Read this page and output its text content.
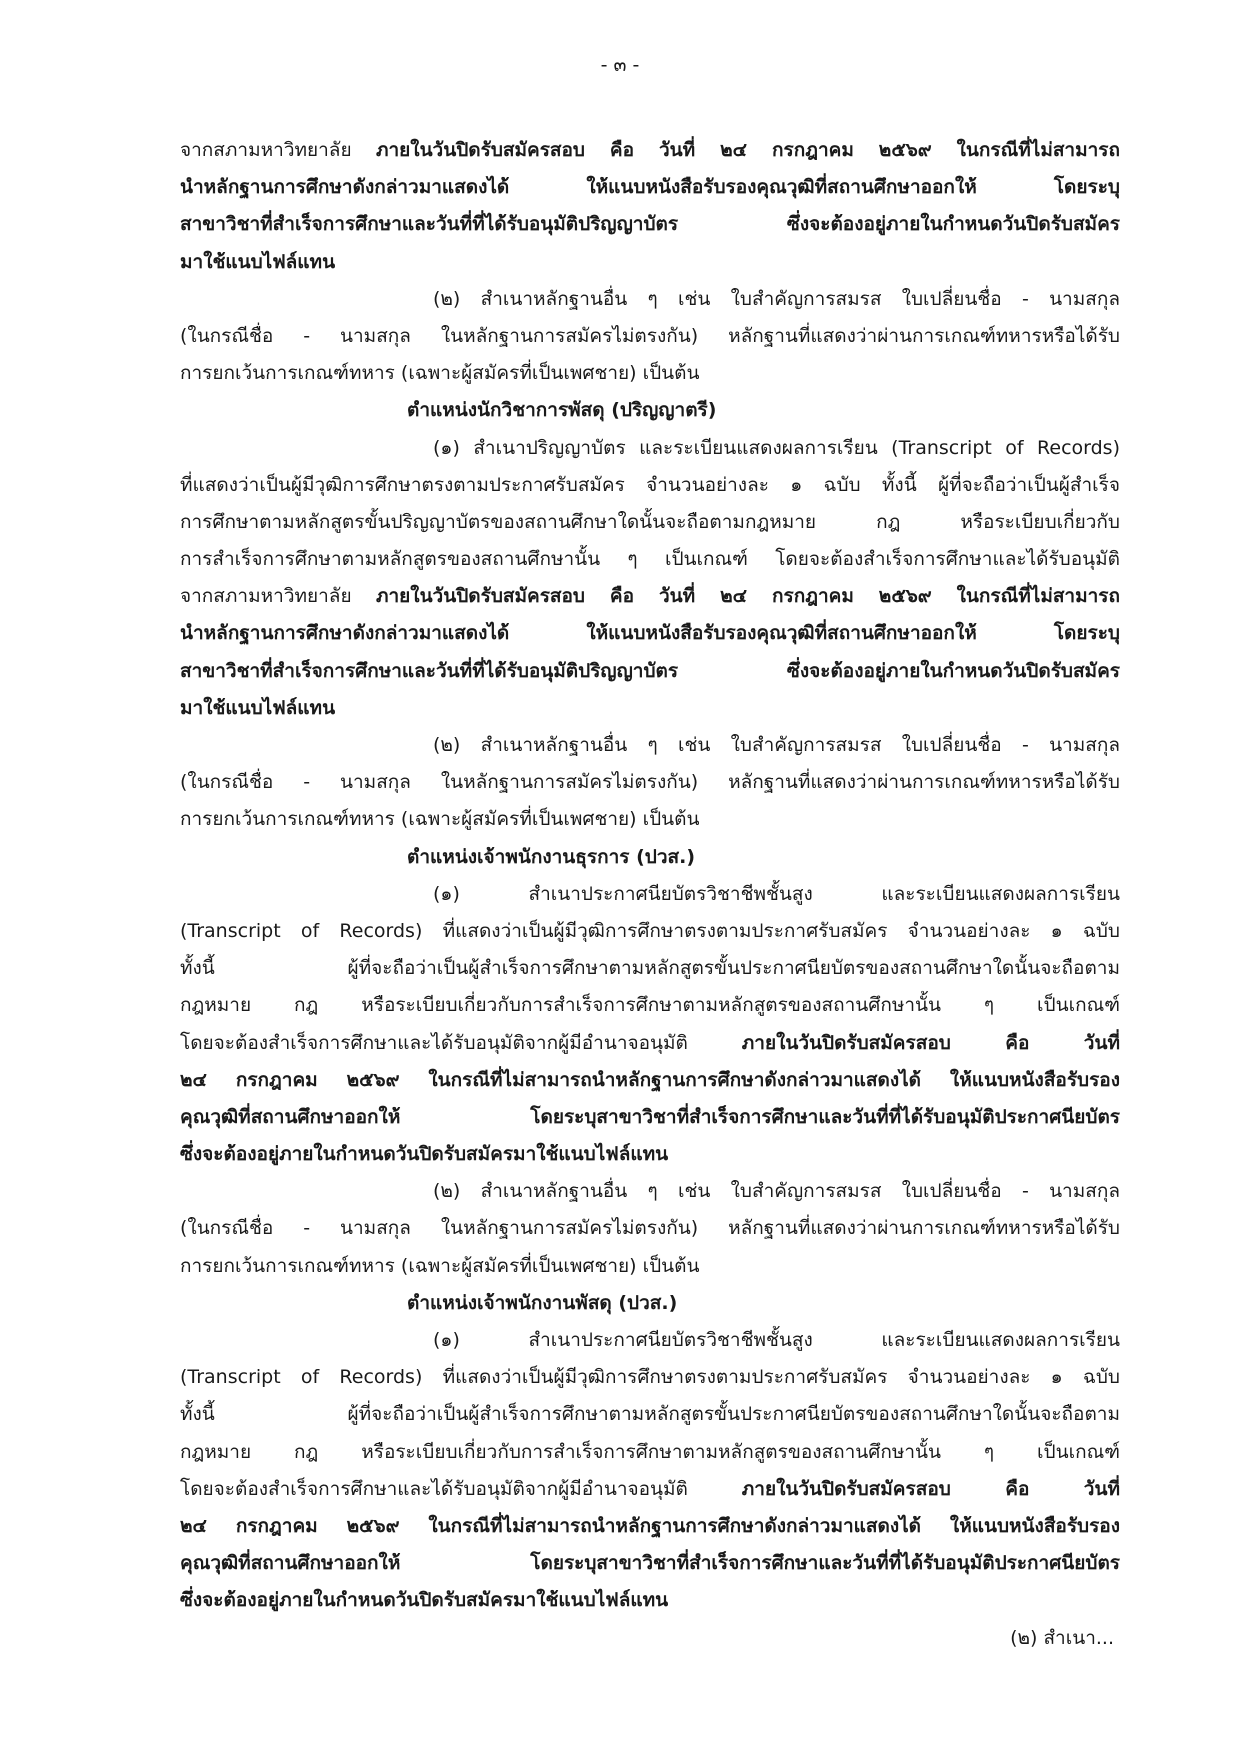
- ๓ -
จากสภามหาวิทยาลัย ภายในวันปิดรับสมัครสอบ คือ วันที่ ๒๔ กรกฎาคม ๒๕๖๙ ในกรณีที่ไม่สามารถ
นำหลักฐานการศึกษาดังกล่าวมาแสดงได้ ให้แนบหนังสือรับรองคุณวุฒิที่สถานศึกษาออกให้ โดยระบุ
สาขาวิชาที่สำเร็จการศึกษาและวันที่ที่ได้รับอนุมัติปริญญาบัตร ซึ่งจะต้องอยู่ภายในกำหนดวันปิดรับสมัคร
มาใช้แนบไฟล์แทน
(๒) สำเนาหลักฐานอื่น ๆ เช่น ใบสำคัญการสมรส ใบเปลี่ยนชื่อ - นามสกุล
(ในกรณีชื่อ - นามสกุล ในหลักฐานการสมัครไม่ตรงกัน) หลักฐานที่แสดงว่าผ่านการเกณฑ์ทหารหรือได้รับ
การยกเว้นการเกณฑ์ทหาร (เฉพาะผู้สมัครที่เป็นเพศชาย) เป็นต้น
ตำแหน่งนักวิชาการพัสดุ (ปริญญาตรี)
(๑) สำเนาปริญญาบัตร และระเบียนแสดงผลการเรียน (Transcript of Records)
ที่แสดงว่าเป็นผู้มีวุฒิการศึกษาตรงตามประกาศรับสมัคร จำนวนอย่างละ ๑ ฉบับ ทั้งนี้ ผู้ที่จะถือว่าเป็นผู้สำเร็จ
การศึกษาตามหลักสูตรขั้นปริญญาบัตรของสถานศึกษาใดนั้นจะถือตามกฎหมาย กฎ หรือระเบียบเกี่ยวกับ
การสำเร็จการศึกษาตามหลักสูตรของสถานศึกษานั้น ๆ เป็นเกณฑ์ โดยจะต้องสำเร็จการศึกษาและได้รับอนุมัติ
จากสภามหาวิทยาลัย ภายในวันปิดรับสมัครสอบ คือ วันที่ ๒๔ กรกฎาคม ๒๕๖๙ ในกรณีที่ไม่สามารถ
นำหลักฐานการศึกษาดังกล่าวมาแสดงได้ ให้แนบหนังสือรับรองคุณวุฒิที่สถานศึกษาออกให้ โดยระบุ
สาขาวิชาที่สำเร็จการศึกษาและวันที่ที่ได้รับอนุมัติปริญญาบัตร ซึ่งจะต้องอยู่ภายในกำหนดวันปิดรับสมัคร
มาใช้แนบไฟล์แทน
(๒) สำเนาหลักฐานอื่น ๆ เช่น ใบสำคัญการสมรส ใบเปลี่ยนชื่อ - นามสกุล
(ในกรณีชื่อ - นามสกุล ในหลักฐานการสมัครไม่ตรงกัน) หลักฐานที่แสดงว่าผ่านการเกณฑ์ทหารหรือได้รับ
การยกเว้นการเกณฑ์ทหาร (เฉพาะผู้สมัครที่เป็นเพศชาย) เป็นต้น
ตำแหน่งเจ้าพนักงานธุรการ (ปวส.)
(๑) สำเนาประกาศนียบัตรวิชาชีพชั้นสูง และระเบียนแสดงผลการเรียน
(Transcript of Records) ที่แสดงว่าเป็นผู้มีวุฒิการศึกษาตรงตามประกาศรับสมัคร จำนวนอย่างละ ๑ ฉบับ
ทั้งนี้ ผู้ที่จะถือว่าเป็นผู้สำเร็จการศึกษาตามหลักสูตรขั้นประกาศนียบัตรของสถานศึกษาใดนั้นจะถือตาม
กฎหมาย กฎ หรือระเบียบเกี่ยวกับการสำเร็จการศึกษาตามหลักสูตรของสถานศึกษานั้น ๆ เป็นเกณฑ์
โดยจะต้องสำเร็จการศึกษาและได้รับอนุมัติจากผู้มีอำนาจอนุมัติ ภายในวันปิดรับสมัครสอบ คือ วันที่
๒๔ กรกฎาคม ๒๕๖๙ ในกรณีที่ไม่สามารถนำหลักฐานการศึกษาดังกล่าวมาแสดงได้ ให้แนบหนังสือรับรอง
คุณวุฒิที่สถานศึกษาออกให้ โดยระบุสาขาวิชาที่สำเร็จการศึกษาและวันที่ที่ได้รับอนุมัติประกาศนียบัตร
ซึ่งจะต้องอยู่ภายในกำหนดวันปิดรับสมัครมาใช้แนบไฟล์แทน
(๒) สำเนาหลักฐานอื่น ๆ เช่น ใบสำคัญการสมรส ใบเปลี่ยนชื่อ - นามสกุล
(ในกรณีชื่อ - นามสกุล ในหลักฐานการสมัครไม่ตรงกัน) หลักฐานที่แสดงว่าผ่านการเกณฑ์ทหารหรือได้รับ
การยกเว้นการเกณฑ์ทหาร (เฉพาะผู้สมัครที่เป็นเพศชาย) เป็นต้น
ตำแหน่งเจ้าพนักงานพัสดุ (ปวส.)
(๑) สำเนาประกาศนียบัตรวิชาชีพชั้นสูง และระเบียนแสดงผลการเรียน
(Transcript of Records) ที่แสดงว่าเป็นผู้มีวุฒิการศึกษาตรงตามประกาศรับสมัคร จำนวนอย่างละ ๑ ฉบับ
ทั้งนี้ ผู้ที่จะถือว่าเป็นผู้สำเร็จการศึกษาตามหลักสูตรขั้นประกาศนียบัตรของสถานศึกษาใดนั้นจะถือตาม
กฎหมาย กฎ หรือระเบียบเกี่ยวกับการสำเร็จการศึกษาตามหลักสูตรของสถานศึกษานั้น ๆ เป็นเกณฑ์
โดยจะต้องสำเร็จการศึกษาและได้รับอนุมัติจากผู้มีอำนาจอนุมัติ ภายในวันปิดรับสมัครสอบ คือ วันที่
๒๔ กรกฎาคม ๒๕๖๙ ในกรณีที่ไม่สามารถนำหลักฐานการศึกษาดังกล่าวมาแสดงได้ ให้แนบหนังสือรับรอง
คุณวุฒิที่สถานศึกษาออกให้ โดยระบุสาขาวิชาที่สำเร็จการศึกษาและวันที่ที่ได้รับอนุมัติประกาศนียบัตร
ซึ่งจะต้องอยู่ภายในกำหนดวันปิดรับสมัครมาใช้แนบไฟล์แทน
(๒) สำเนา...
